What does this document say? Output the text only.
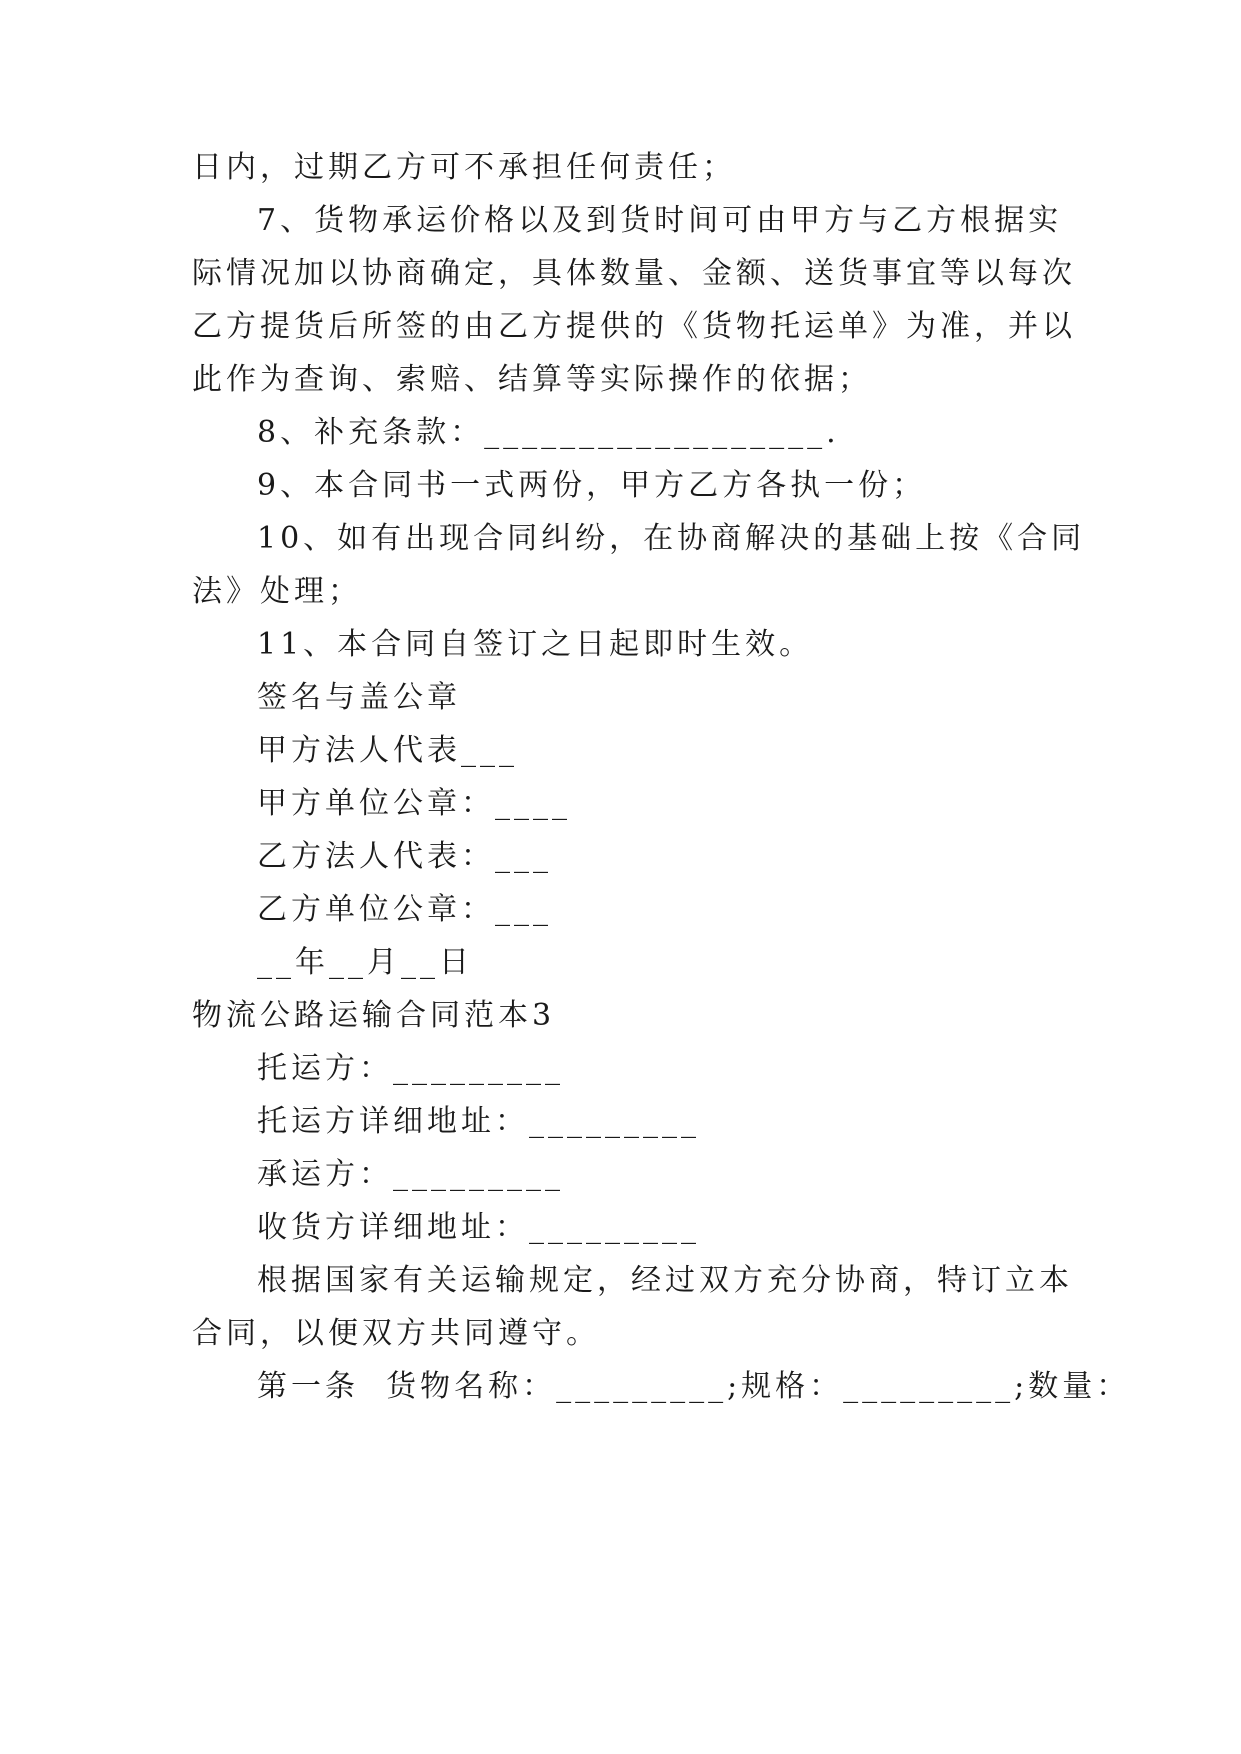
日内，过期乙方可不承担任何责任；

7、货物承运价格以及到货时间可由甲方与乙方根据实

际情况加以协商确定，具体数量、金额、送货事宜等以每次

乙方提货后所签的由乙方提供的《货物托运单》为准，并以

此作为查询、索赔、结算等实际操作的依据；

8、补充条款：__________________.

9、本合同书一式两份，甲方乙方各执一份；

10、如有出现合同纠纷，在协商解决的基础上按《合同

法》处理；

11、本合同自签订之日起即时生效。

签名与盖公章

甲方法人代表___

甲方单位公章：____

乙方法人代表：___

乙方单位公章：___

__年__月__日

物流公路运输合同范本3

托运方：_________

托运方详细地址：_________

承运方：_________

收货方详细地址：_________

根据国家有关运输规定，经过双方充分协商，特订立本

合同，以便双方共同遵守。

第一条  货物名称：_________;规格：_________;数量：
